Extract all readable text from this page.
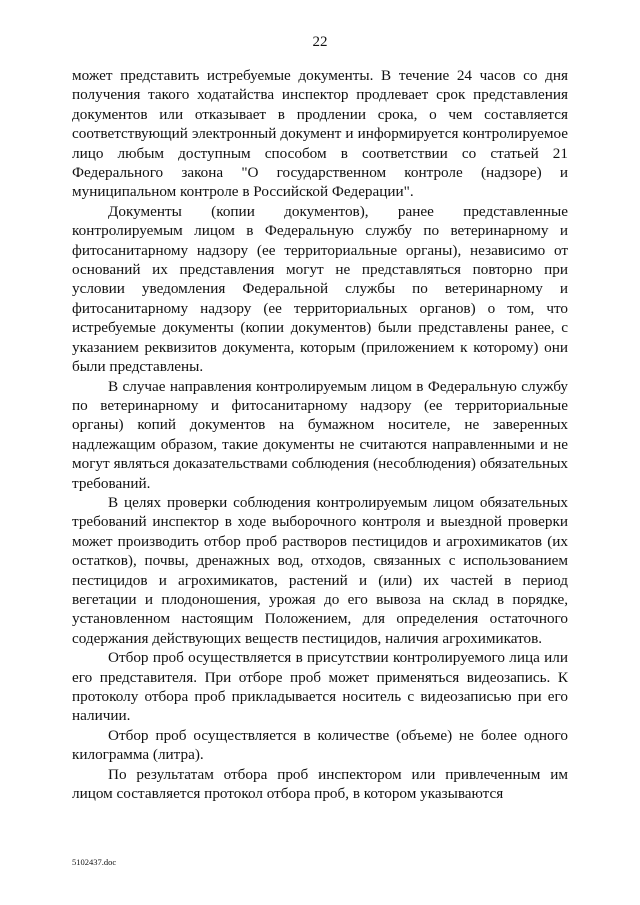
22

может представить истребуемые документы. В течение 24 часов со дня получения такого ходатайства инспектор продлевает срок представления документов или отказывает в продлении срока, о чем составляется соответствующий электронный документ и информируется контролируемое лицо любым доступным способом в соответствии со статьей 21 Федерального закона "О государственном контроле (надзоре) и муниципальном контроле в Российской Федерации".

Документы (копии документов), ранее представленные контролируемым лицом в Федеральную службу по ветеринарному и фитосанитарному надзору (ее территориальные органы), независимо от оснований их представления могут не представляться повторно при условии уведомления Федеральной службы по ветеринарному и фитосанитарному надзору (ее территориальных органов) о том, что истребуемые документы (копии документов) были представлены ранее, с указанием реквизитов документа, которым (приложением к которому) они были представлены.

В случае направления контролируемым лицом в Федеральную службу по ветеринарному и фитосанитарному надзору (ее территориальные органы) копий документов на бумажном носителе, не заверенных надлежащим образом, такие документы не считаются направленными и не могут являться доказательствами соблюдения (несоблюдения) обязательных требований.

В целях проверки соблюдения контролируемым лицом обязательных требований инспектор в ходе выборочного контроля и выездной проверки может производить отбор проб растворов пестицидов и агрохимикатов (их остатков), почвы, дренажных вод, отходов, связанных с использованием пестицидов и агрохимикатов, растений и (или) их частей в период вегетации и плодоношения, урожая до его вывоза на склад в порядке, установленном настоящим Положением, для определения остаточного содержания действующих веществ пестицидов, наличия агрохимикатов.

Отбор проб осуществляется в присутствии контролируемого лица или его представителя. При отборе проб может применяться видеозапись. К протоколу отбора проб прикладывается носитель с видеозаписью при его наличии.

Отбор проб осуществляется в количестве (объеме) не более одного килограмма (литра).

По результатам отбора проб инспектором или привлеченным им лицом составляется протокол отбора проб, в котором указываются

5102437.doc
